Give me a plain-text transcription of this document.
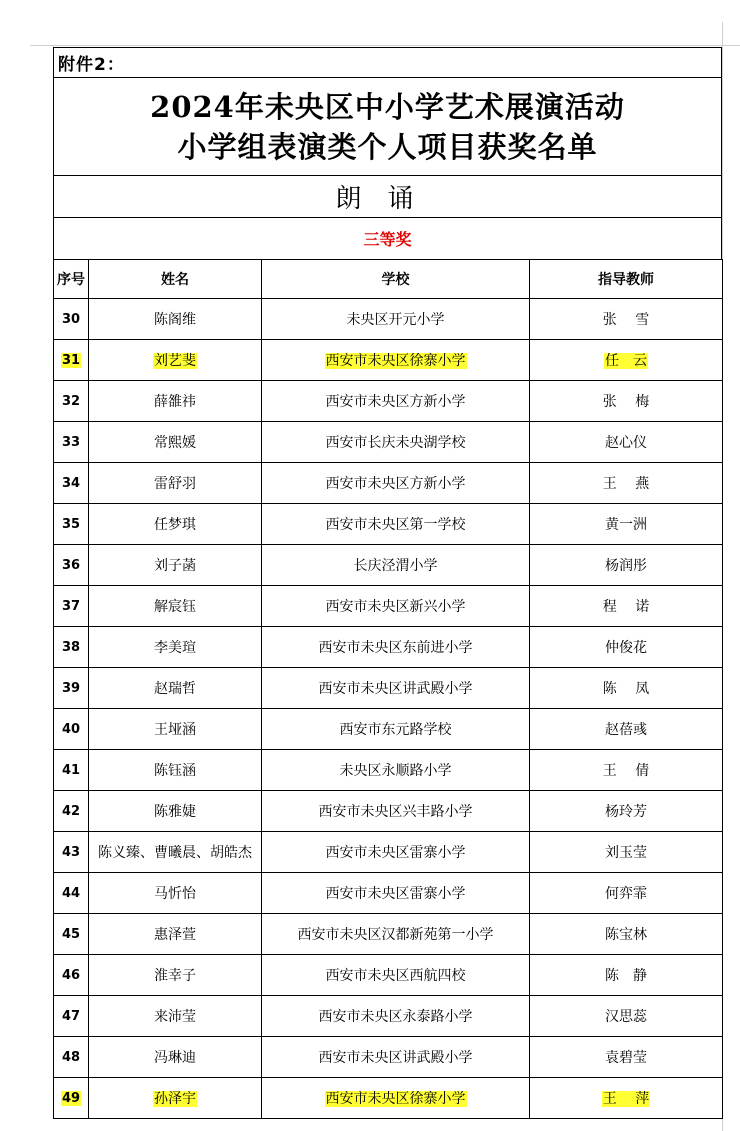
附件2：
2024年未央区中小学艺术展演活动
小学组表演类个人项目获奖名单
朗诵
三等奖
序号	姓名	学校	指导教师
30	陈阁维	未央区开元小学	张　 雪
31	刘艺斐	西安市未央区徐寨小学	任　云
32	薛雒祎	西安市未央区方新小学	张　 梅
33	常熙媛	西安市长庆未央湖学校	赵心仪
34	雷舒羽	西安市未央区方新小学	王　 燕
35	任梦琪	西安市未央区第一学校	黄一洲
36	刘子菡	长庆泾渭小学	杨润彤
37	解宸钰	西安市未央区新兴小学	程　 诺
38	李美瑄	西安市未央区东前进小学	仲俊花
39	赵瑞哲	西安市未央区讲武殿小学	陈　 凤
40	王垭涵	西安市东元路学校	赵蓓彧
41	陈钰涵	未央区永顺路小学	王　 倩
42	陈雅婕	西安市未央区兴丰路小学	杨玲芳
43	陈义臻、曹曦晨、胡皓杰	西安市未央区雷寨小学	刘玉莹
44	马忻怡	西安市未央区雷寨小学	何弈霏
45	惠泽萱	西安市未央区汉都新苑第一小学	陈宝林
46	淮幸子	西安市未央区西航四校	陈　静
47	来沛莹	西安市未央区永泰路小学	汉思蕊
48	冯琳迪	西安市未央区讲武殿小学	袁碧莹
49	孙泽宇	西安市未央区徐寨小学	王　 萍
